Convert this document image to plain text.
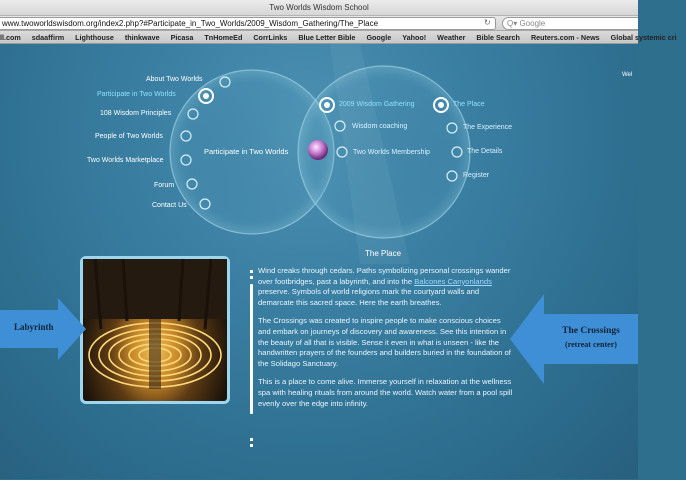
Two Worlds Wisdom School
www.twoworldswisdom.org/index2.php?#Participate_in_Two_Worlds/2009_Wisdom_Gathering/The_Place	↻	Q▾ Google
ll.com sdaaffirm Lighthouse thinkwave Picasa TnHomeEd CorrLinks Blue Letter Bible Google Yahoo! Weather Bible Search Reuters.com - News Global systemic cri
About Two Worlds
Participate in Two Worlds
108 Wisdom Principles
People of Two Worlds
Two Worlds Marketplace
Forum
Contact Us
Participate in Two Worlds
2009 Wisdom Gathering
Wisdom coaching
Two Worlds Membership
The Place
The Experience
The Details
Register
Wel
The Place

Wind creaks through cedars. Paths symbolizing personal crossings wander over footbridges, past a labyrinth, and into the Balcones Canyonlands preserve. Symbols of world religions mark the courtyard walls and demarcate this sacred space. Here the earth breathes.

The Crossings was created to inspire people to make conscious choices and embark on journeys of discovery and awareness. See this intention in the beauty of all that is visible. Sense it even in what is unseen - like the handwritten prayers of the founders and builders buried in the foundation of the Solidago Sanctuary.

This is a place to come alive. Immerse yourself in relaxation at the wellness spa with healing rituals from around the world. Watch water from a pool spill evenly over the edge into infinity.

Labyrinth	The Crossings
(retreat center)
